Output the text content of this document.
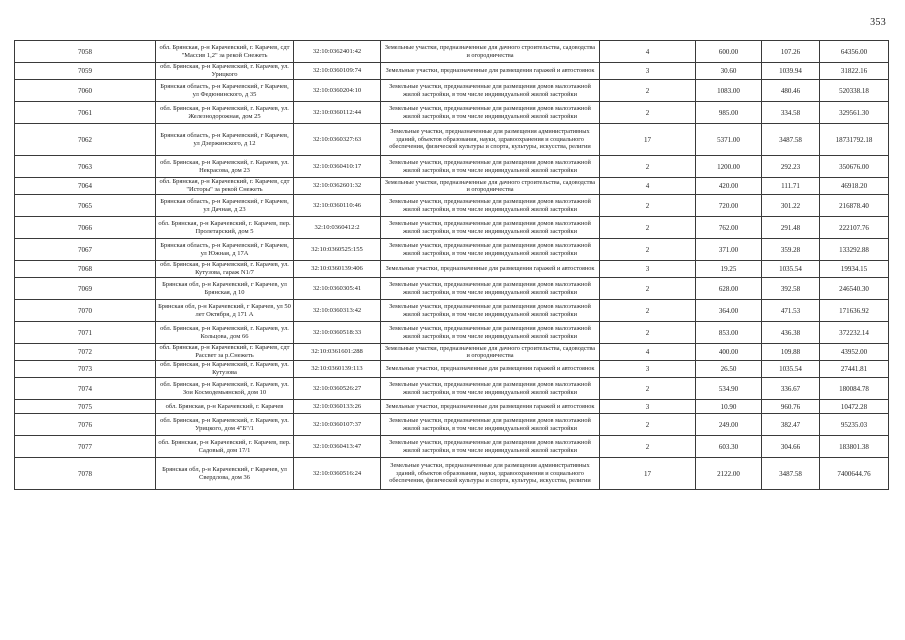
353
7058	обл. Брянская, р-н Карачевский, г. Карачев, сдт "Массив 1,2" за рекой Снежеть	32:10:0362401:42	Земельные участки, предназначенные для дачного строительства, садоводства и огородничества	4	600.00	107.26	64356.00
7059	обл. Брянская, р-н Карачевский, г. Карачев, ул. Урицкого	32:10:0360109:74	Земельные участки, предназначенные для размещения гаражей и автостоянок	3	30.60	1039.94	31822.16
7060	Брянская область, р-н Карачевский, г Карачев, ул Федюнинского, д 35	32:10:0360204:10	Земельные участки, предназначенные для размещения домов малоэтажной жилой застройки, в том числе индивидуальной жилой застройки	2	1083.00	480.46	520338.18
7061	обл. Брянская, р-н Карачевский, г. Карачев, ул. Железнодорожная, дом 25	32:10:0360112:44	Земельные участки, предназначенные для размещения домов малоэтажной жилой застройки, в том числе индивидуальной жилой застройки	2	985.00	334.58	329561.30
7062	Брянская область, р-н Карачевский, г Карачев, ул Дзержинского, д 12	32:10:0360327:63	Земельные участки, предназначенные для размещения административных зданий, объектов образования, науки, здравоохранения и социального обеспечения, физической культуры и спорта, культуры, искусства, религии	17	5371.00	3487.58	18731792.18
7063	обл. Брянская, р-н Карачевский, г. Карачев, ул. Некрасова, дом 23	32:10:0360410:17	Земельные участки, предназначенные для размещения домов малоэтажной жилой застройки, в том числе индивидуальной жилой застройки	2	1200.00	292.23	350676.00
7064	обл. Брянская, р-н Карачевский, г. Карачев, сдт "Исторы" за рекой Снежеть	32:10:0362601:32	Земельные участки, предназначенные для дачного строительства, садоводства и огородничества	4	420.00	111.71	46918.20
7065	Брянская область, р-н Карачевский, г Карачев, ул Дачная, д 23	32:10:0360110:46	Земельные участки, предназначенные для размещения домов малоэтажной жилой застройки, в том числе индивидуальной жилой застройки	2	720.00	301.22	216878.40
7066	обл. Брянская, р-н Карачевский, г. Карачев, пер. Пролетарский, дом 5	32:10:0360412:2	Земельные участки, предназначенные для размещения домов малоэтажной жилой застройки, в том числе индивидуальной жилой застройки	2	762.00	291.48	222107.76
7067	Брянская область, р-н Карачевский, г Карачев, ул Южная, д 17А	32:10:0360525:155	Земельные участки, предназначенные для размещения домов малоэтажной жилой застройки, в том числе индивидуальной жилой застройки	2	371.00	359.28	133292.88
7068	обл. Брянская, р-н Карачевский, г. Карачев, ул. Кутузова, гараж N1/7	32:10:0360139:406	Земельные участки, предназначенные для размещения гаражей и автостоянок	3	19.25	1035.54	19934.15
7069	Брянская обл, р-н Карачевский, г Карачев, ул Брянская, д 10	32:10:0360305:41	Земельные участки, предназначенные для размещения домов малоэтажной жилой застройки, в том числе индивидуальной жилой застройки	2	628.00	392.58	246540.30
7070	Брянская обл, р-н Карачевский, г Карачев, ул 50 лет Октября, д 171 А	32:10:0360313:42	Земельные участки, предназначенные для размещения домов малоэтажной жилой застройки, в том числе индивидуальной жилой застройки	2	364.00	471.53	171636.92
7071	обл. Брянская, р-н Карачевский, г. Карачев, ул. Кольцова, дом 66	32:10:0360518:33	Земельные участки, предназначенные для размещения домов малоэтажной жилой застройки, в том числе индивидуальной жилой застройки	2	853.00	436.38	372232.14
7072	обл. Брянская, р-н Карачевский, г. Карачев, сдт Рассвет за р.Снежеть	32:10:0361601:288	Земельные участки, предназначенные для дачного строительства, садоводства и огородничества	4	400.00	109.88	43952.00
7073	обл. Брянская, р-н Карачевский, г. Карачев, ул. Кутузова	32:10:0360139:113	Земельные участки, предназначенные для размещения гаражей и автостоянок	3	26.50	1035.54	27441.81
7074	обл. Брянская, р-н Карачевский, г. Карачев, ул. Зои Космодемьянской, дом 10	32:10:0360526:27	Земельные участки, предназначенные для размещения домов малоэтажной жилой застройки, в том числе индивидуальной жилой застройки	2	534.90	336.67	180084.78
7075	обл. Брянская, р-н Карачевский, г. Карачев	32:10:0360133:26	Земельные участки, предназначенные для размещения гаражей и автостоянок	3	10.90	960.76	10472.28
7076	обл. Брянская, р-н Карачевский, г. Карачев, ул. Урицкого, дом 4"Б"/1	32:10:0360107:37	Земельные участки, предназначенные для размещения домов малоэтажной жилой застройки, в том числе индивидуальной жилой застройки	2	249.00	382.47	95235.03
7077	обл. Брянская, р-н Карачевский, г. Карачев, пер. Садовый, дом 17/1	32:10:0360413:47	Земельные участки, предназначенные для размещения домов малоэтажной жилой застройки, в том числе индивидуальной жилой застройки	2	603.30	304.66	183801.38
7078	Брянская обл, р-н Карачевский, г Карачев, ул Свердлова, дом 36	32:10:0360516:24	Земельные участки, предназначенные для размещения административных зданий, объектов образования, науки, здравоохранения и социального обеспечения, физической культуры и спорта, культуры, искусства, религии	17	2122.00	3487.58	7400644.76
